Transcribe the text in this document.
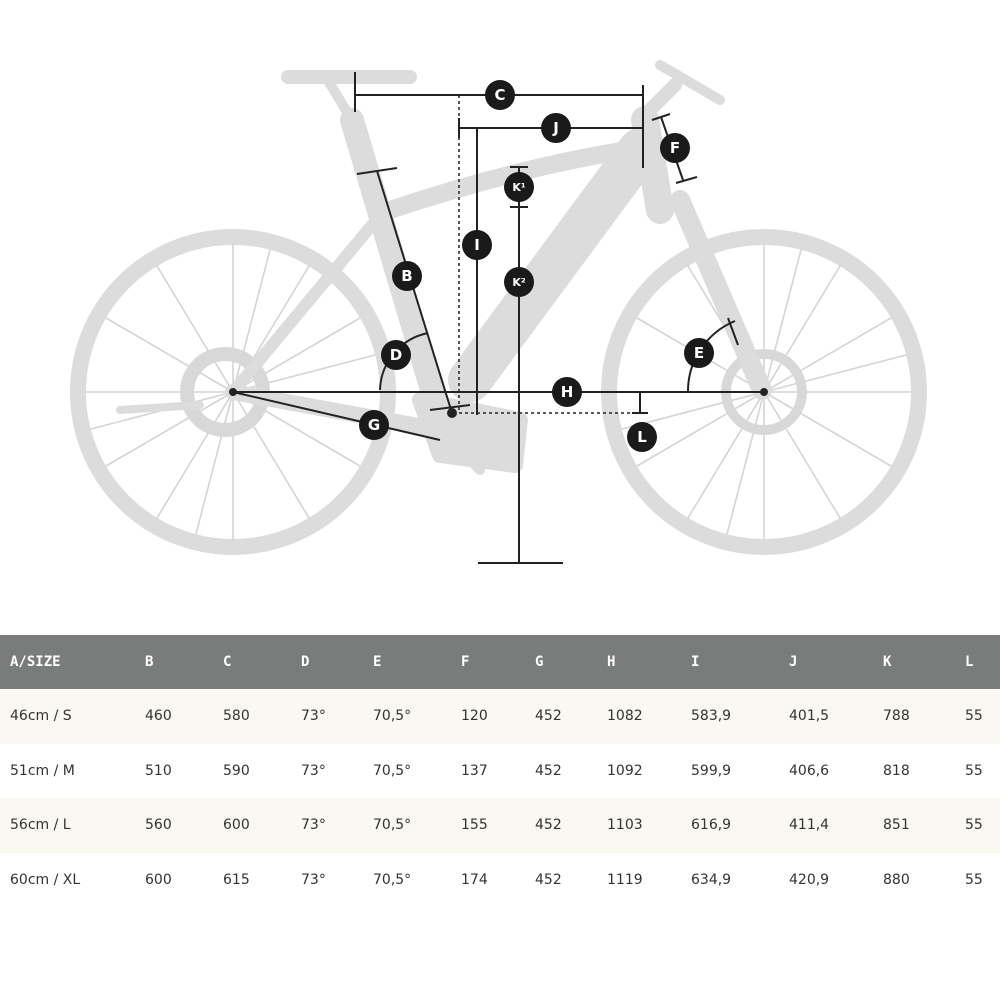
C
J
F
K¹
I
K²
B
D	E
H
G
L
A/SIZE	B	C	D	E	F	G	H	I	J	K	L
46cm / S	460	580	73°	70,5°	120	452	1082	583,9	401,5	788	55
51cm / M	510	590	73°	70,5°	137	452	1092	599,9	406,6	818	55
56cm / L	560	600	73°	70,5°	155	452	1103	616,9	411,4	851	55
60cm / XL	600	615	73°	70,5°	174	452	1119	634,9	420,9	880	55
